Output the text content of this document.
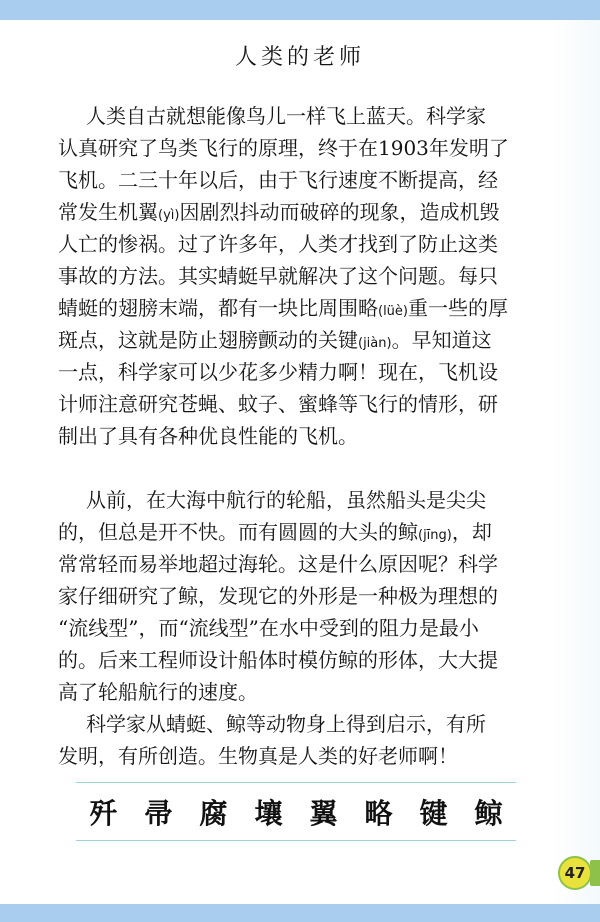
人类的老师
人类自古就想能像鸟儿一样飞上蓝天。科学家
认真研究了鸟类飞行的原理，终于在1903年发明了
飞机。二三十年以后，由于飞行速度不断提高，经
常发生机翼(yì)因剧烈抖动而破碎的现象，造成机毁
人亡的惨祸。过了许多年，人类才找到了防止这类
事故的方法。其实蜻蜓早就解决了这个问题。每只
蜻蜓的翅膀末端，都有一块比周围略(lüè)重一些的厚
斑点，这就是防止翅膀颤动的关键(jiàn)。早知道这
一点，科学家可以少花多少精力啊！现在，飞机设
计师注意研究苍蝇、蚊子、蜜蜂等飞行的情形，研
制出了具有各种优良性能的飞机。
从前，在大海中航行的轮船，虽然船头是尖尖
的，但总是开不快。而有圆圆的大头的鲸(jīng)，却
常常轻而易举地超过海轮。这是什么原因呢？科学
家仔细研究了鲸，发现它的外形是一种极为理想的
“流线型”，而“流线型”在水中受到的阻力是最小
的。后来工程师设计船体时模仿鲸的形体，大大提
高了轮船航行的速度。
科学家从蜻蜓、鲸等动物身上得到启示，有所
发明，有所创造。生物真是人类的好老师啊！
歼 帚 腐 壤 翼 略 键 鲸
47
